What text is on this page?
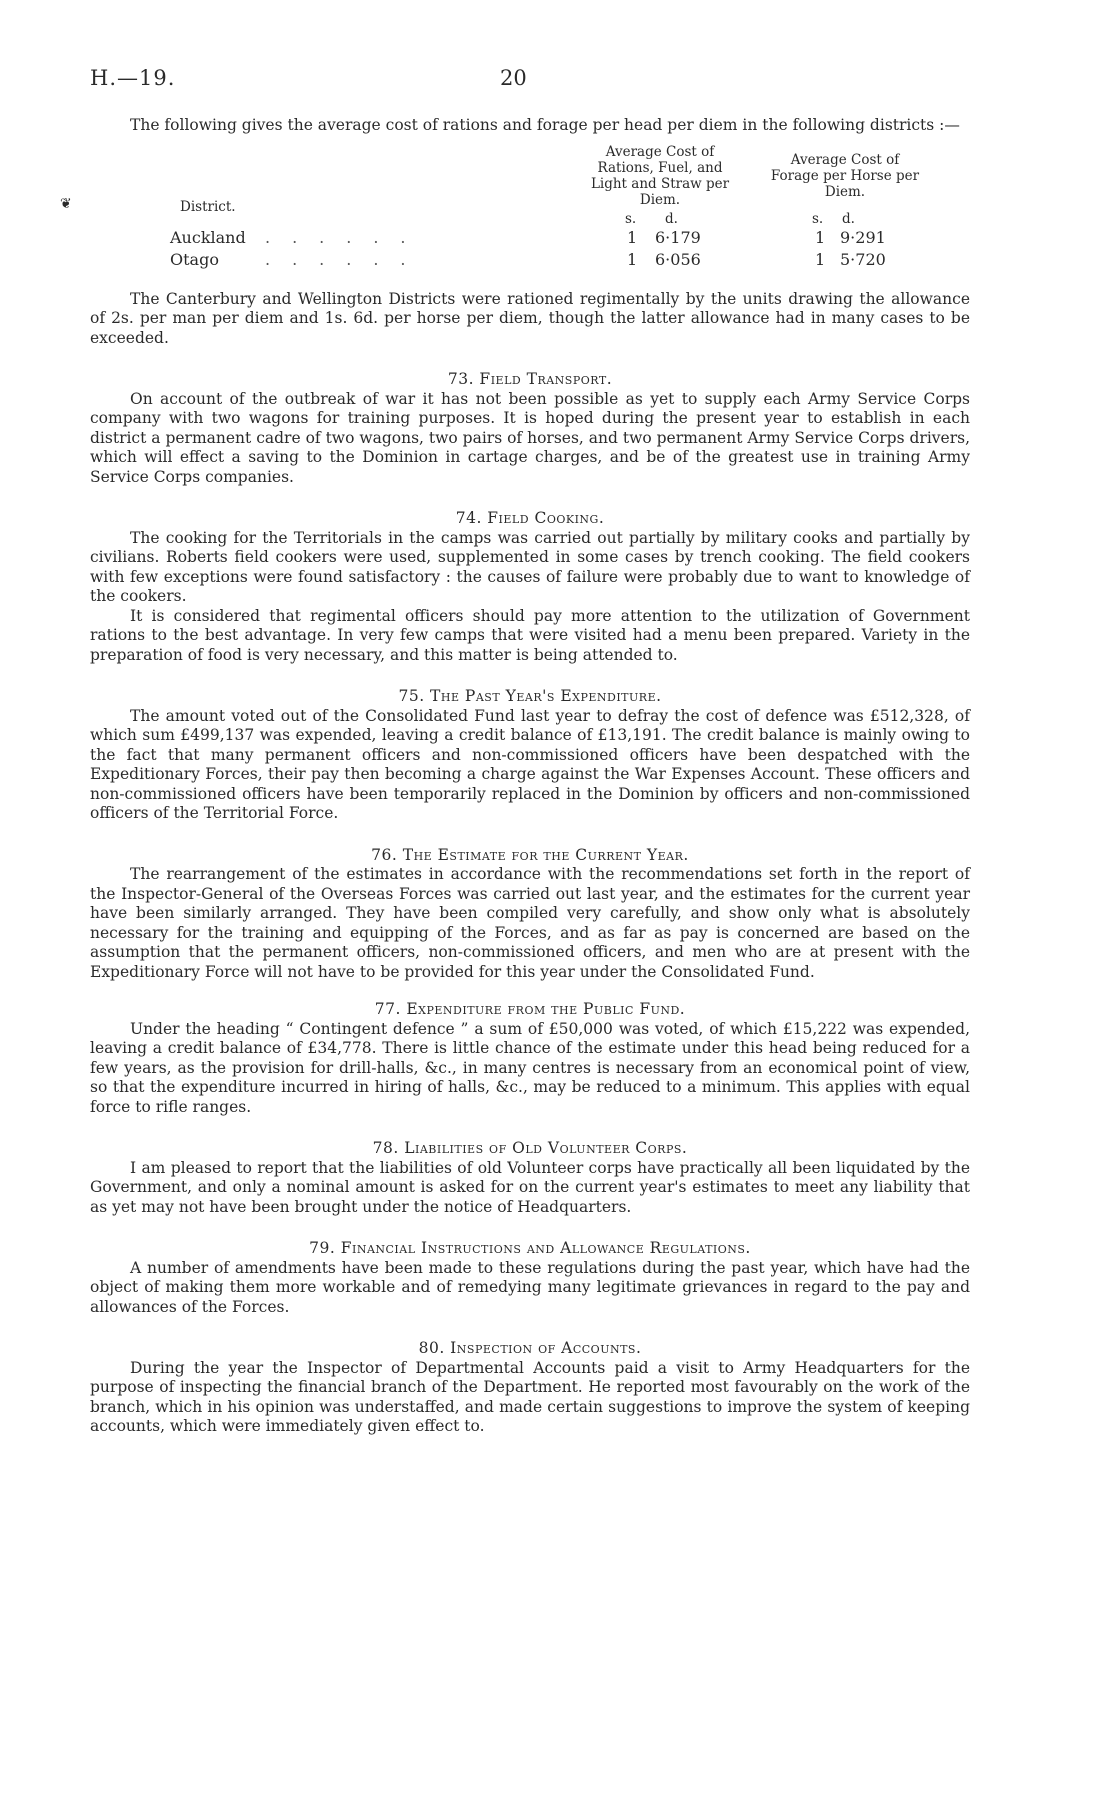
H.—19.	20
❦

The following gives the average cost of rations and forage per head per diem in the following districts :—

District.
Average Cost of Rations, Fuel, and Light and Straw per Diem.
Average Cost of Forage per Horse per Diem.
s. d.	s. d.
Auckland ......	1 6·179	1 9·291
Otago	......	1 6·056	1 5·720

The Canterbury and Wellington Districts were rationed regimentally by the units drawing the allowance of 2s. per man per diem and 1s. 6d. per horse per diem, though the latter allowance had in many cases to be exceeded.

73. Field Transport.

On account of the outbreak of war it has not been possible as yet to supply each Army Service Corps company with two wagons for training purposes. It is hoped during the present year to establish in each district a permanent cadre of two wagons, two pairs of horses, and two permanent Army Service Corps drivers, which will effect a saving to the Dominion in cartage charges, and be of the greatest use in training Army Service Corps companies.

74. Field Cooking.

The cooking for the Territorials in the camps was carried out partially by military cooks and partially by civilians. Roberts field cookers were used, supplemented in some cases by trench cooking. The field cookers with few exceptions were found satisfactory : the causes of failure were probably due to want to knowledge of the cookers.

It is considered that regimental officers should pay more attention to the utilization of Government rations to the best advantage. In very few camps that were visited had a menu been prepared. Variety in the preparation of food is very necessary, and this matter is being attended to.

75. The Past Year's Expenditure.

The amount voted out of the Consolidated Fund last year to defray the cost of defence was £512,328, of which sum £499,137 was expended, leaving a credit balance of £13,191. The credit balance is mainly owing to the fact that many permanent officers and non-commissioned officers have been despatched with the Expeditionary Forces, their pay then becoming a charge against the War Expenses Account. These officers and non-commissioned officers have been temporarily replaced in the Dominion by officers and non-commissioned officers of the Territorial Force.

76. The Estimate for the Current Year.

The rearrangement of the estimates in accordance with the recommendations set forth in the report of the Inspector-General of the Overseas Forces was carried out last year, and the estimates for the current year have been similarly arranged. They have been compiled very carefully, and show only what is absolutely necessary for the training and equipping of the Forces, and as far as pay is concerned are based on the assumption that the permanent officers, non-commissioned officers, and men who are at present with the Expeditionary Force will not have to be provided for this year under the Consolidated Fund.

77. Expenditure from the Public Fund.

Under the heading “ Contingent defence ” a sum of £50,000 was voted, of which £15,222 was expended, leaving a credit balance of £34,778. There is little chance of the estimate under this head being reduced for a few years, as the provision for drill-halls, &c., in many centres is necessary from an economical point of view, so that the expenditure incurred in hiring of halls, &c., may be reduced to a minimum. This applies with equal force to rifle ranges.

78. Liabilities of Old Volunteer Corps.

I am pleased to report that the liabilities of old Volunteer corps have practically all been liquidated by the Government, and only a nominal amount is asked for on the current year's estimates to meet any liability that as yet may not have been brought under the notice of Headquarters.

79. Financial Instructions and Allowance Regulations.

A number of amendments have been made to these regulations during the past year, which have had the object of making them more workable and of remedying many legitimate grievances in regard to the pay and allowances of the Forces.

80. Inspection of Accounts.

During the year the Inspector of Departmental Accounts paid a visit to Army Headquarters for the purpose of inspecting the financial branch of the Department. He reported most favourably on the work of the branch, which in his opinion was understaffed, and made certain suggestions to improve the system of keeping accounts, which were immediately given effect to.
